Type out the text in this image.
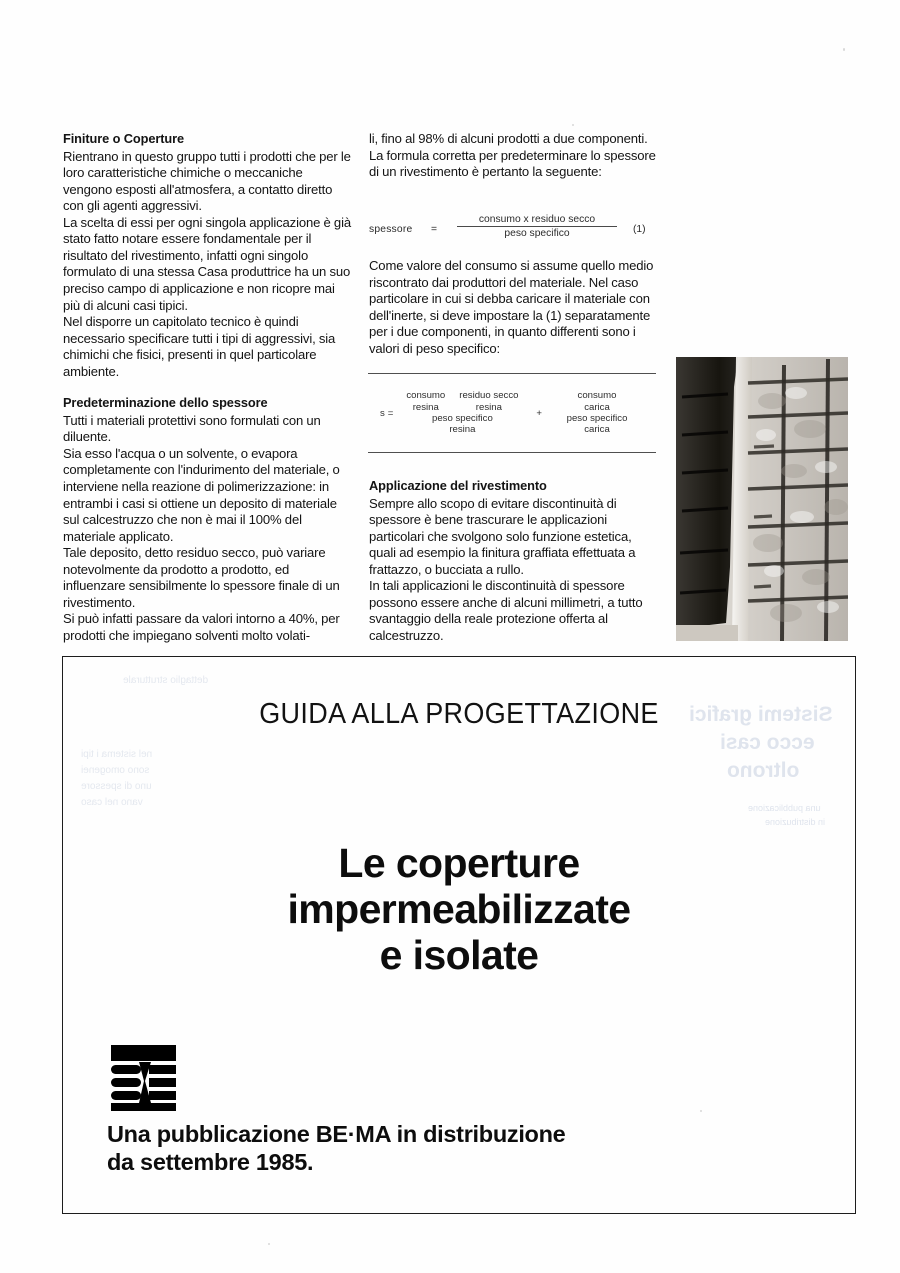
Finiture o Coperture

Rientrano in questo gruppo tutti i prodotti che per le loro caratteristiche chimiche o meccaniche vengono esposti all'atmosfera, a contatto diretto con gli agenti aggressivi.

La scelta di essi per ogni singola applicazione è già stato fatto notare essere fondamentale per il risultato del rivestimento, infatti ogni singolo formulato di una stessa Casa produttrice ha un suo preciso campo di applicazione e non ricopre mai più di alcuni casi tipici.

Nel disporre un capitolato tecnico è quindi necessario specificare tutti i tipi di aggressivi, sia chimichi che fisici, presenti in quel particolare ambiente.

Predeterminazione dello spessore

Tutti i materiali protettivi sono formulati con un diluente.

Sia esso l'acqua o un solvente, o evapora completamente con l'indurimento del materiale, o interviene nella reazione di polimerizzazione: in entrambi i casi si ottiene un deposito di materiale sul calcestruzzo che non è mai il 100% del materiale applicato.

Tale deposito, detto residuo secco, può variare notevolmente da prodotto a prodotto, ed influenzare sensibilmente lo spessore finale di un rivestimento.

Si può infatti passare da valori intorno a 40%, per prodotti che impiegano solventi molto volati-

li, fino al 98% di alcuni prodotti a due componenti. La formula corretta per predeterminare lo spessore di un rivestimento è pertanto la seguente:

spessore =
consumo x residuo secco
peso specifico	(1)

Come valore del consumo si assume quello medio riscontrato dai produttori del materiale. Nel caso particolare in cui si debba caricare il materiale con dell'inerte, si deve impostare la (1) separatamente per i due componenti, in quanto differenti sono i valori di peso specifico:

s =
consumo
resina
residuo secco
resina
peso specifico
resina
+
consumo
carica
peso specifico
carica
Applicazione del rivestimento

Sempre allo scopo di evitare discontinuità di spessore è bene trascurare le applicazioni particolari che svolgono solo funzione estetica, quali ad esempio la finitura graffiata effettuata a frattazzo, o bucciata a rullo.

In tali applicazioni le discontinuità di spessore possono essere anche di alcuni millimetri, a tutto svantaggio della reale protezione offerta al calcestruzzo.

Sistemi grafici
ecco casi
oltrono
una pubblicazione
in distribuzione
dettaglio strutturale
nel sistema i tipi
sono omogenei
uno di spessore
vano nel caso
GUIDA ALLA PROGETTAZIONE
Le coperture
impermeabilizzate
e isolate
Una pubblicazione BE·MA in distribuzione
da settembre 1985.
